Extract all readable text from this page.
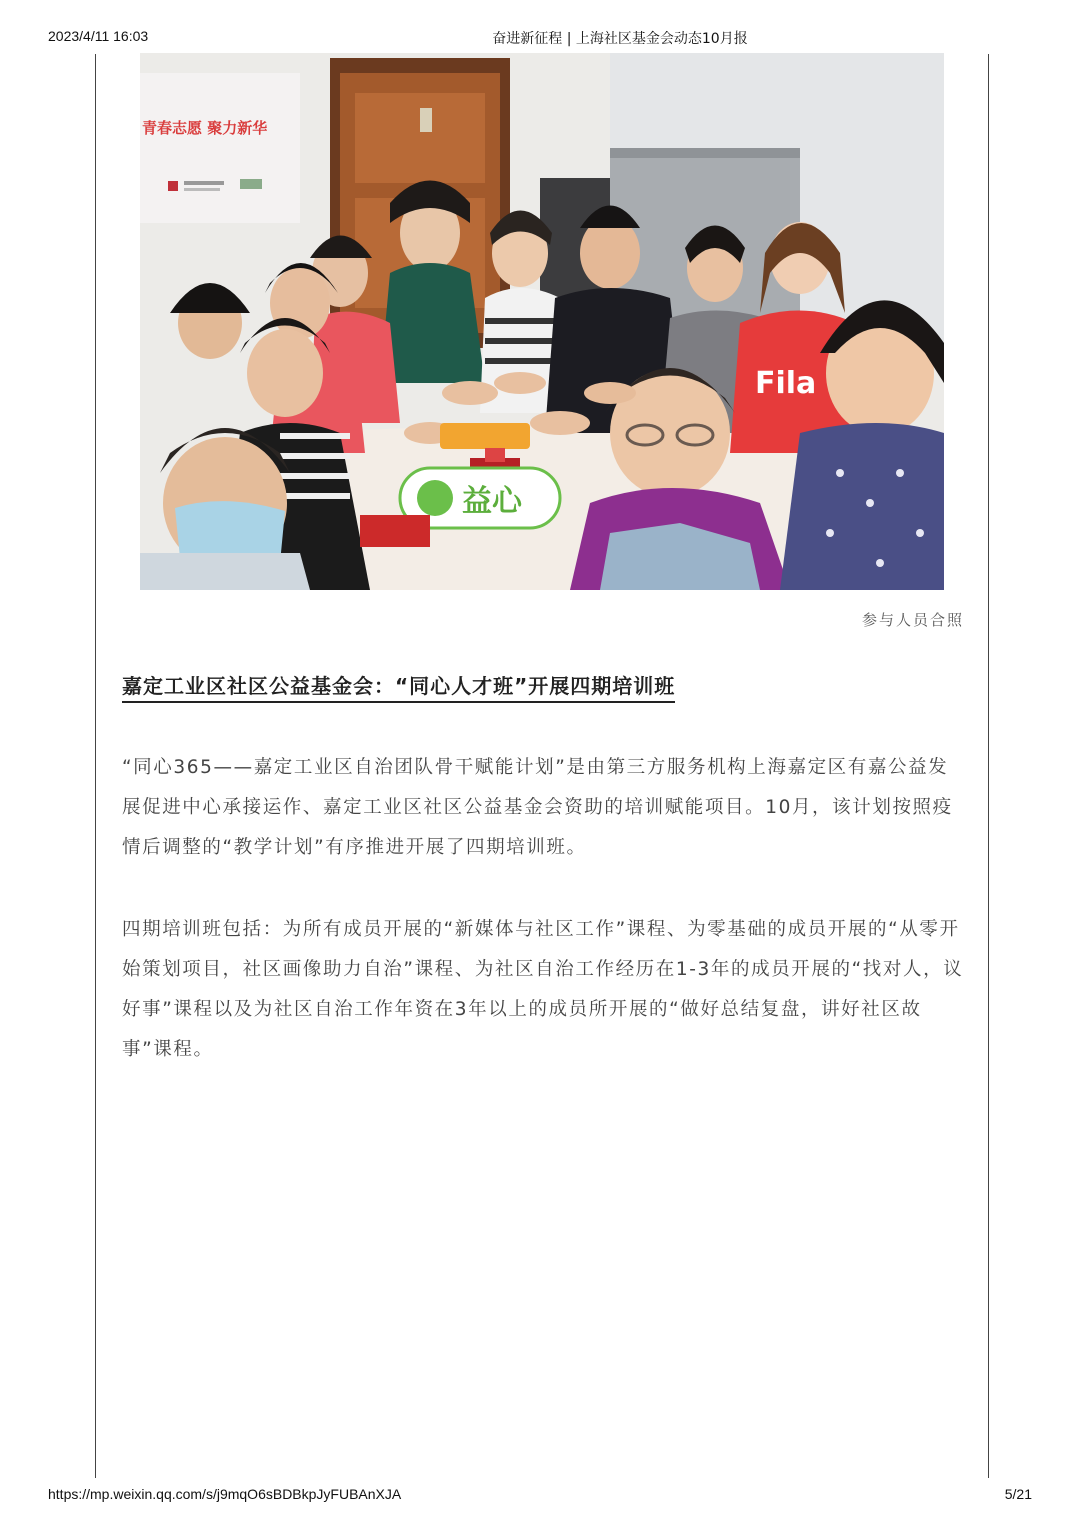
2023/4/11 16:03	奋进新征程 | 上海社区基金会动态10月报
青春志愿 聚力新华
Fila
益心
参与人员合照
嘉定工业区社区公益基金会：“同心人才班”开展四期培训班

“同心365——嘉定工业区自治团队骨干赋能计划”是由第三方服务机构上海嘉定区有嘉公益发展促进中心承接运作、嘉定工业区社区公益基金会资助的培训赋能项目。10月，该计划按照疫情后调整的“教学计划”有序推进开展了四期培训班。

四期培训班包括：为所有成员开展的“新媒体与社区工作”课程、为零基础的成员开展的“从零开始策划项目，社区画像助力自治”课程、为社区自治工作经历在1-3年的成员开展的“找对人，议好事”课程以及为社区自治工作年资在3年以上的成员所开展的“做好总结复盘，讲好社区故事”课程。

https://mp.weixin.qq.com/s/j9mqO6sBDBkpJyFUBAnXJA	5/21
